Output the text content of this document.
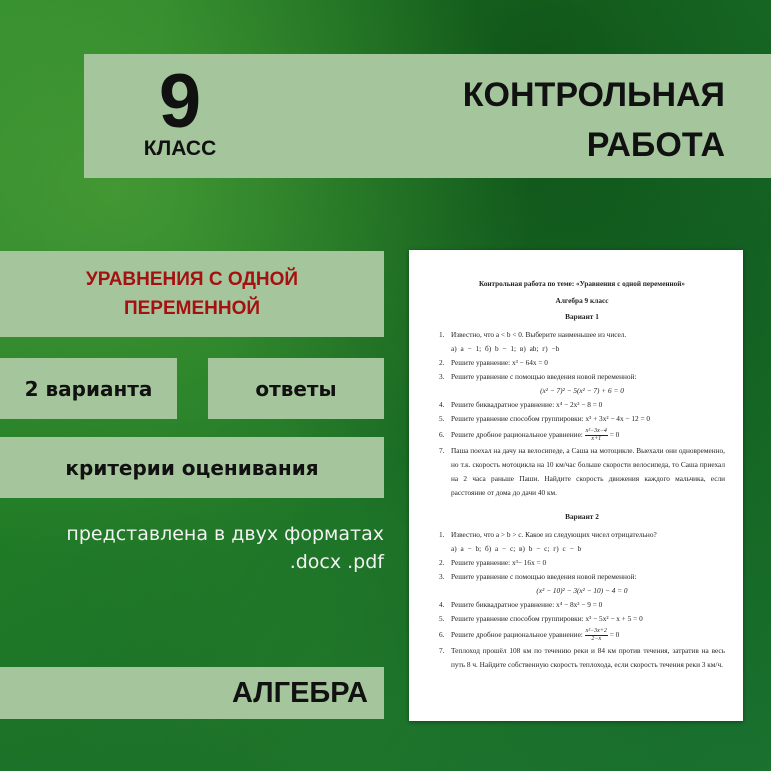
9
КЛАСС
КОНТРОЛЬНАЯ
РАБОТА
УРАВНЕНИЯ С ОДНОЙ
ПЕРЕМЕННОЙ
2 варианта	ответы
критерии оценивания
представлена в двух форматах
.docx .pdf
АЛГЕБРА
Контрольная работа по теме: «Уравнения с одной переменной»
Алгебра 9 класс
Вариант 1
1. Известно, что a < b < 0. Выберите наименьшее из чисел.
а) a − 1; б) b − 1; в) ab; г) −b
2. Решите уравнение: x³ − 64x = 0
3. Решите уравнение с помощью введения новой переменной:
(x² − 7)² − 5(x² − 7) + 6 = 0
4. Решите биквадратное уравнение: x⁴ − 2x² − 8 = 0
5. Решите уравнение способом группировки: x³ + 3x² − 4x − 12 = 0
6. Решите дробное рациональное уравнение: $\frac{\text{x²−3x−4}}{x+1} = 0$
7. Паша поехал на дачу на велосипеде, а Саша на мотоцикле. Выехали они одновременно, но т.к. скорость мотоцикла на 10 км/час больше скорости велосипеда, то Саша приехал на 2 часа раньше Паши. Найдите скорость движения каждого мальчика, если расстояние от дома до дачи 40 км.
Вариант 2
1. Известно, что a > b > c. Какое из следующих чисел отрицательно?
а) a − b; б) a − c; в) b − c; г) c − b
2. Решите уравнение: x³− 16x = 0
3. Решите уравнение с помощью введения новой переменной:
(x² − 10)² − 3(x² − 10) − 4 = 0
4. Решите биквадратное уравнение: x⁴ − 8x² − 9 = 0
5. Решите уравнение способом группировки: x³ − 5x² − x + 5 = 0
6. Решите дробное рациональное уравнение: $\frac{\text{x²−3x+2}}{2-x} = 0$
7. Теплоход прошёл 108 км по течению реки и 84 км против течения, затратив на весь путь 8 ч. Найдите собственную скорость теплохода, если скорость течения реки 3 км/ч.
